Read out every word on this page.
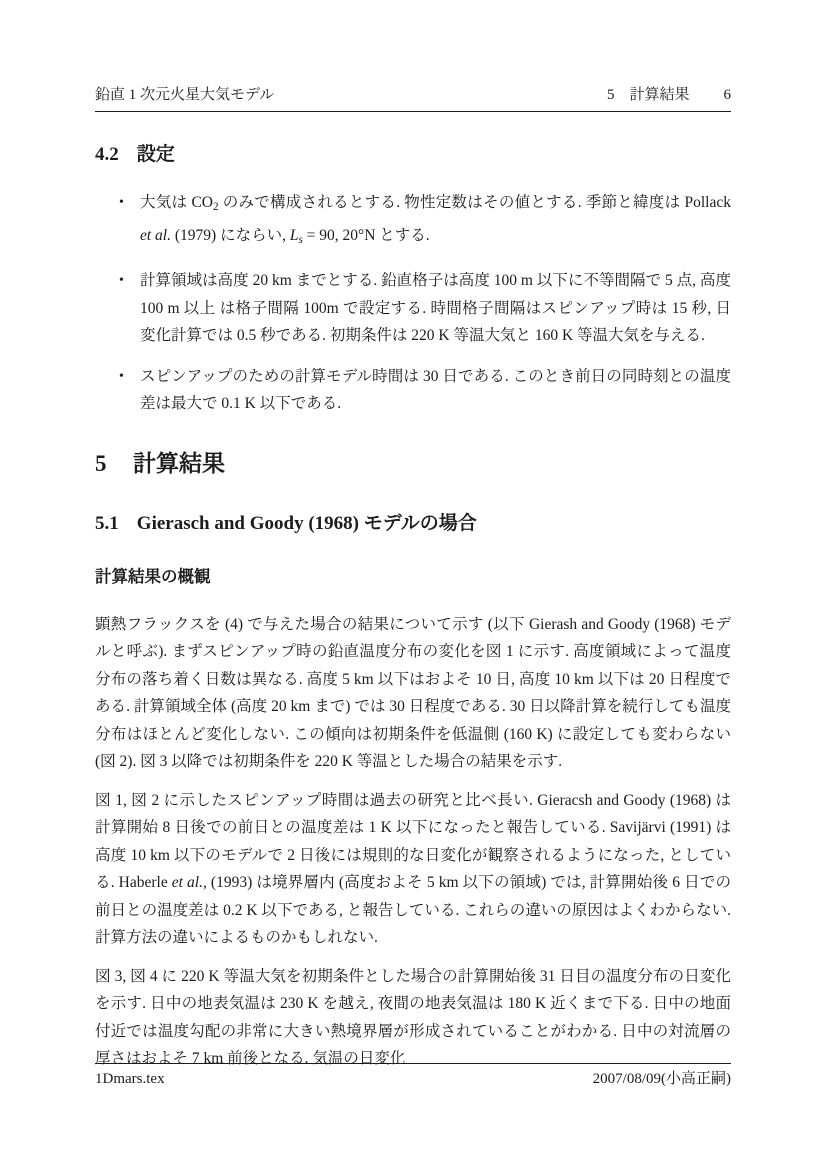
鉛直 1 次元火星大気モデル	5　計算結果 6
4.2 設定
• 大気は $CO_2$ のみで構成されるとする. 物性定数はその値とする. 季節と緯度は Pollack et al. (1979) にならい, $L_s = 90$, 20°N とする.
• 計算領域は高度 20 km までとする. 鉛直格子は高度 100 m 以下に不等間隔で 5 点, 高度 100 m 以上 は格子間隔 100m で設定する. 時間格子間隔はスピンアップ時は 15 秒, 日変化計算では 0.5 秒である. 初期条件は 220 K 等温大気と 160 K 等温大気を与える.
• スピンアップのための計算モデル時間は 30 日である. このとき前日の同時刻との温度差は最大で 0.1 K 以下である.
5 計算結果
5.1 Gierasch and Goody (1968) モデルの場合
計算結果の概観

顕熱フラックスを (4) で与えた場合の結果について示す (以下 Gierash and Goody (1968) モデルと呼ぶ). まずスピンアップ時の鉛直温度分布の変化を図 1 に示す. 高度領域によって温度分布の落ち着く日数は異なる. 高度 5 km 以下はおよそ 10 日, 高度 10 km 以下は 20 日程度である. 計算領域全体 (高度 20 km まで) では 30 日程度である. 30 日以降計算を続行しても温度分布はほとんど変化しない. この傾向は初期条件を低温側 (160 K) に設定しても変わらない (図 2). 図 3 以降では初期条件を 220 K 等温とした場合の結果を示す.

図 1, 図 2 に示したスピンアップ時間は過去の研究と比べ長い. Gieracsh and Goody (1968) は計算開始 8 日後での前日との温度差は 1 K 以下になったと報告している. Savijärvi (1991) は高度 10 km 以下のモデルで 2 日後には規則的な日変化が観察されるようになった, としている. Haberle et al., (1993) は境界層内 (高度およそ 5 km 以下の領域) では, 計算開始後 6 日での前日との温度差は 0.2 K 以下である, と報告している. これらの違いの原因はよくわからない. 計算方法の違いによるものかもしれない.

図 3, 図 4 に 220 K 等温大気を初期条件とした場合の計算開始後 31 日目の温度分布の日変化を示す. 日中の地表気温は 230 K を越え, 夜間の地表気温は 180 K 近くまで下る. 日中の地面付近では温度勾配の非常に大きい熱境界層が形成されていることがわかる. 日中の対流層の厚さはおよそ 7 km 前後となる. 気温の日変化

1Dmars.tex	2007/08/09(小高正嗣)
